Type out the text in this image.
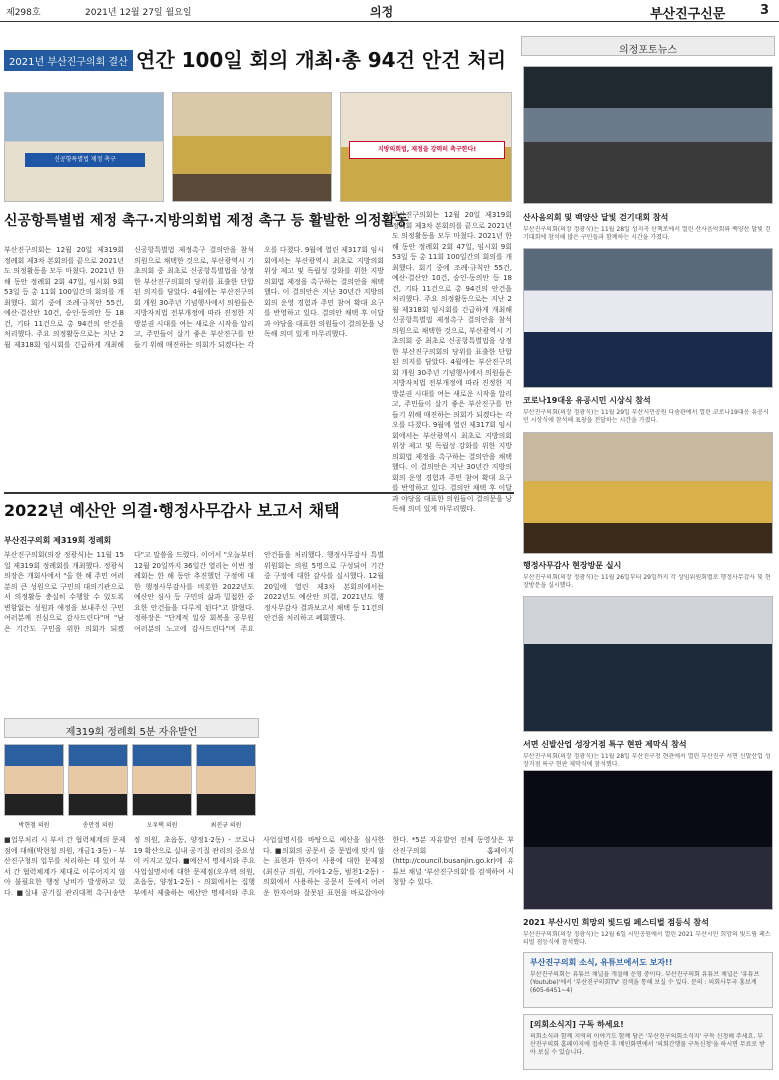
제298호	2021년 12월 27일 월요일	의정	부산진구신문	3
2021년 부산진구의회 결산 연간 100일 회의 개최·총 94건 안건 처리
신공항특별법 제정 촉구
지방의회법, 재정을 강력히 촉구한다!
신공항특별법 제정 촉구·지방의회법 제정 촉구 등 활발한 의정활동
부산진구의회는 12월 20일 제319회 정례회 제3차 본회의를 끝으로 2021년도 의정활동을 모두 마쳤다. 2021년 한 해 동안 정례회 2회 47일, 임시회 9회 53일 등 총 11회 100일간의 회의를 개최했다. 회기 중에 조례·규칙안 55건, 예산·결산안 10건, 승인·동의안 등 18건, 기타 11건으로 총 94건의 안건을 처리했다. 주요 의정활동으로는 지난 2월 제318회 임시회를 긴급하게 개최해 신공항특별법 제정촉구 결의안을 참석의원으로 채택한 것으로, 부산광역시 기초의회 중 최초로 신공항특별법을 상정한 부산진구의회의 당위를 표출한 단합된 의지를 담았다. 4월에는 부산진구의회 개원 30주년 기념행사에서 의원들은 지방자치법 전부개정에 따라 진정한 지방분권 시대를 여는 새로운 시작을 알리고, 주민들이 살기 좋은 부산진구를 만들기 위해 매진하는 의회가 되겠다는 각오를 다졌다. 9월에 열린 제317회 임시회에서는 부산광역시 최초로 지방의회 위상 제고 및 독립성 강화를 위한 지방의회법 제정을 촉구하는 결의안을 채택했다. 이 결의안은 지난 30년간 지방의회의 운영 경험과 주민 참여 확대 요구를 반영하고 있다. 결의안 채택 후 이달과 야당을 대표한 의원들이 결의문을 낭독해 의미 있게 마무리했다.
2022년 예산안 의결·행정사무감사 보고서 채택
부산진구의회 제319회 정례회
부산진구의회(의장 정광식)는 11월 15일 제319회 정례회를 개최했다. 정광식 의장은 개회사에서 "올 한 해 주민 여러분의 큰 성원으로 구민의 대의기관으로서 의정활동 충실히 수행할 수 있도록 변함없는 성원과 애정을 보내주신 구민 여러분께 진심으로 감사드린다"며 "남은 기간도 구민을 위한 의회가 되겠다"고 말씀을 드렸다. 이어서 "오늘부터 12월 20일까지 36일간 열리는 이번 정례회는 한 해 동안 추진했던 구정에 대한 행정사무감사를 비롯한 2022년도 예산안 심사 등 구민의 삶과 밀접한 중요한 안건들을 다루게 된다"고 밝혔다. 정하장은 "단계적 일상 회복을 공무원 여러분의 노고에 감사드린다"며 주요 안건들을 처리했다. 행정사무감사 특별위원회는 의원 5명으로 구성되어 기간 중 구정에 대한 감사를 실시했다. 12월 20일에 열린 제3차 본회의에서는 2022년도 예산안 의결, 2021년도 행정사무감사 결과보고서 채택 등 11건의 안건을 처리하고 폐회했다.
부산진구의회는 12월 20일 제319회 정례회 제3차 본회의를 끝으로 2021년도 의정활동을 모두 마쳤다. 2021년 한 해 동안 정례회 2회 47일, 임시회 9회 53일 등 총 11회 100일간의 회의를 개최했다. 회기 중에 조례·규칙안 55건, 예산·결산안 10건, 승인·동의안 등 18건, 기타 11건으로 총 94건의 안건을 처리했다. 주요 의정활동으로는 지난 2월 제318회 임시회를 긴급하게 개최해 신공항특별법 제정촉구 결의안을 참석의원으로 채택한 것으로, 부산광역시 기초의회 중 최초로 신공항특별법을 상정한 부산진구의회의 당위를 표출한 단합된 의지를 담았다. 4월에는 부산진구의회 개원 30주년 기념행사에서 의원들은 지방자치법 전부개정에 따라 진정한 지방분권 시대를 여는 새로운 시작을 알리고, 주민들이 살기 좋은 부산진구를 만들기 위해 매진하는 의회가 되겠다는 각오를 다졌다. 9월에 열린 제317회 임시회에서는 부산광역시 최초로 지방의회 위상 제고 및 독립성 강화를 위한 지방의회법 제정을 촉구하는 결의안을 채택했다. 이 결의안은 지난 30년간 지방의회의 운영 경험과 주민 참여 확대 요구를 반영하고 있다. 결의안 채택 후 이달과 야당을 대표한 의원들이 결의문을 낭독해 의미 있게 마무리했다.
제319회 정례회 5분 자유발언
박현철 의원	송만정 의원	오우택 의원	최진규 의원
■업무처리 시 부서 간 협력체계의 문제점에 대해(박현철 의원, 개금1·3동) - 부산진구청의 업무를 처리하는 데 있어 부서 간 협력체계가 제대로 이루어지지 않아 불필요한 행정 낭비가 발생하고 있다. ■실내 공기질 관리대책 촉구(송만정 의원, 초읍동, 양정1·2동) - 코로나19 확산으로 실내 공기질 관리의 중요성이 커지고 있다. ■예산서 명세서와 주요사업설명서에 대한 문제점(오우택 의원, 초읍동, 양정1·2동) - 의회에서는 집행부에서 제출하는 예산안 명세서와 주요사업설명서를 바탕으로 예산을 심사한다. ■의회의 공문서 중 문법에 맞지 않는 표현과 한자어 사용에 대한 문제점(최진규 의원, 가야1·2동, 범천1·2동) - 의회에서 사용하는 공문서 등에서 어려운 한자어와 잘못된 표현을 바로잡아야 한다. *5분 자유발언 전체 동영상은 부산진구의회 홈페이지(http://council.busanjin.go.kr)에 유튜브 채널 '부산진구의회'를 검색하여 시청할 수 있다.
의정포토뉴스
산사음의회 및 백양산 달빛 걷기대회 참석
부산진구의회(의장 정광식)는 11월 28일 성지곡 산책로에서 열린 산사음악회와 백양산 달빛 걷기대회에 참석해 많은 구민들과 함께하는 시간을 가졌다.
코로나19대응 유공시민 시상식 참석
부산진구의회(의장 정광식)는 11월 29일 부산시민공원 다솜관에서 열린 코로나19대응 유공시민 시상식에 참석해 표창을 전달하는 시간을 가졌다.
행정사무감사 현장방문 실시
부산진구의회(의장 정광식)는 11월 26일부터 29일까지 각 상임위원회별로 행정사무감사 및 현장방문을 실시했다.
서면 신발산업 성장거점 특구 현판 제막식 참석
부산진구의회(의장 정광식)는 11월 28일 부산진구청 현관에서 열린 부산진구 서면 신발산업 성장거점 특구 현판 제막식에 참석했다.
2021 부산시민 희망의 빛드림 페스티벌 점등식 참석
부산진구의회(의장 정광식)는 12월 6일 시민공원에서 열린 2021 부산시민 희망의 빛드림 페스티벌 점등식에 참석했다.
부산진구의회 소식, 유튜브에서도 보자!!
부산진구의회는 유튜브 채널을 개설해 운영 중이다. 부산진구의회 유튜브 채널은 '유튜브(Youtube)'에서 '부산진구의회TV' 검색을 통해 보실 수 있다. 문의 : 의회사무국 홍보계(605-6451~4)
[의회소식지] 구독 하세요!
의회소식과 함께 지역의 이야기도 함께 담은 '부산진구의회소식지' 구독 신청해 주세요. 부산진구의회 홈페이지에 접속한 후 메인화면에서 '의회간행물 구독신청'을 하시면 무료로 받아 보실 수 있습니다.
